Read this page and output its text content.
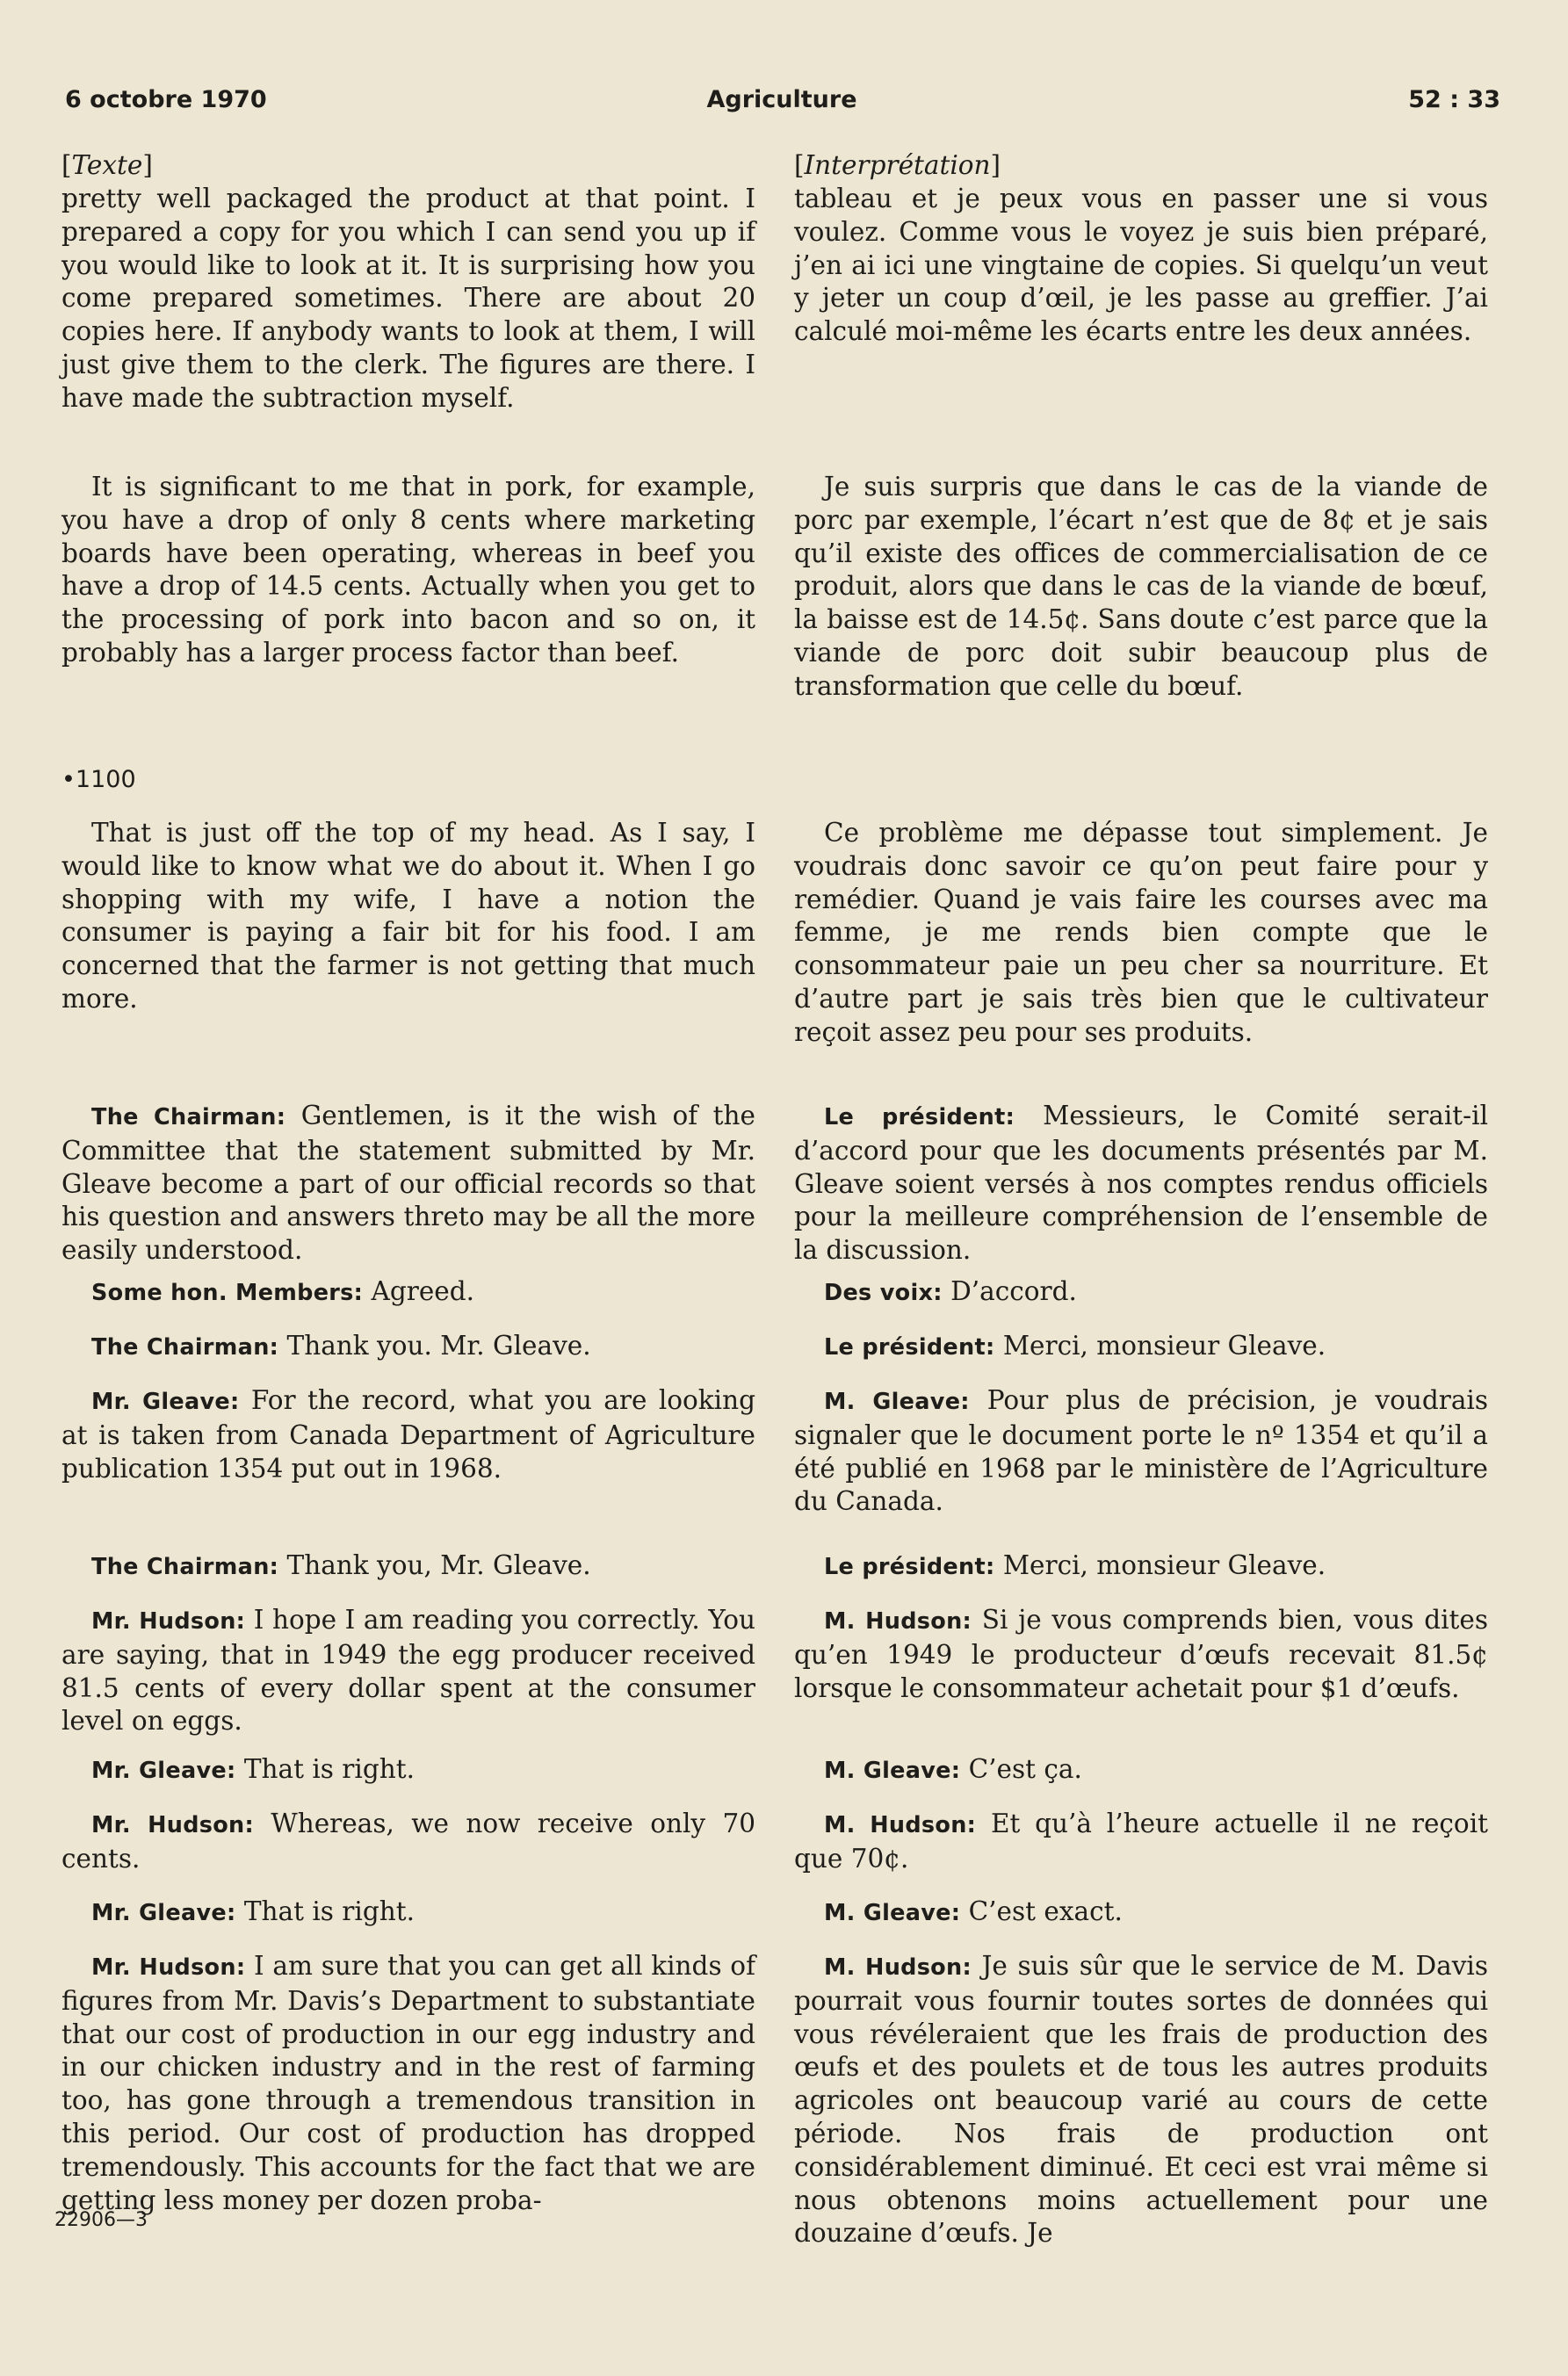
6 octobre 1970	Agriculture	52 : 33
[Texte]

pretty well packaged the product at that point. I prepared a copy for you which I can send you up if you would like to look at it. It is surprising how you come prepared sometimes. There are about 20 copies here. If anybody wants to look at them, I will just give them to the clerk. The figures are there. I have made the subtraction myself.

It is significant to me that in pork, for example, you have a drop of only 8 cents where marketing boards have been operating, whereas in beef you have a drop of 14.5 cents. Actually when you get to the processing of pork into bacon and so on, it probably has a larger process factor than beef.

•1100

That is just off the top of my head. As I say, I would like to know what we do about it. When I go shopping with my wife, I have a notion the consumer is paying a fair bit for his food. I am concerned that the farmer is not getting that much more.

The Chairman: Gentlemen, is it the wish of the Committee that the statement submitted by Mr. Gleave become a part of our official records so that his question and answers threto may be all the more easily understood.

Some hon. Members: Agreed.

The Chairman: Thank you. Mr. Gleave.

Mr. Gleave: For the record, what you are looking at is taken from Canada Department of Agriculture publication 1354 put out in 1968.

The Chairman: Thank you, Mr. Gleave.

Mr. Hudson: I hope I am reading you correctly. You are saying, that in 1949 the egg producer received 81.5 cents of every dollar spent at the consumer level on eggs.

Mr. Gleave: That is right.

Mr. Hudson: Whereas, we now receive only 70 cents.

Mr. Gleave: That is right.

Mr. Hudson: I am sure that you can get all kinds of figures from Mr. Davis’s Department to substantiate that our cost of production in our egg industry and in our chicken industry and in the rest of farming too, has gone through a tremendous transition in this period. Our cost of production has dropped tremendously. This accounts for the fact that we are getting less money per dozen proba-

[Interprétation]

tableau et je peux vous en passer une si vous voulez. Comme vous le voyez je suis bien préparé, j’en ai ici une vingtaine de copies. Si quelqu’un veut y jeter un coup d’œil, je les passe au greffier. J’ai calculé moi-même les écarts entre les deux années.

Je suis surpris que dans le cas de la viande de porc par exemple, l’écart n’est que de 8¢ et je sais qu’il existe des offices de commercialisation de ce produit, alors que dans le cas de la viande de bœuf, la baisse est de 14.5¢. Sans doute c’est parce que la viande de porc doit subir beaucoup plus de transformation que celle du bœuf.

Ce problème me dépasse tout simplement. Je voudrais donc savoir ce qu’on peut faire pour y remédier. Quand je vais faire les courses avec ma femme, je me rends bien compte que le consommateur paie un peu cher sa nourriture. Et d’autre part je sais très bien que le cultivateur reçoit assez peu pour ses produits.

Le président: Messieurs, le Comité serait-il d’accord pour que les documents présentés par M. Gleave soient versés à nos comptes rendus officiels pour la meilleure compréhension de l’ensemble de la discussion.

Des voix: D’accord.

Le président: Merci, monsieur Gleave.

M. Gleave: Pour plus de précision, je voudrais signaler que le document porte le nº 1354 et qu’il a été publié en 1968 par le ministère de l’Agriculture du Canada.

Le président: Merci, monsieur Gleave.

M. Hudson: Si je vous comprends bien, vous dites qu’en 1949 le producteur d’œufs recevait 81.5¢ lorsque le consommateur achetait pour $1 d’œufs.

M. Gleave: C’est ça.

M. Hudson: Et qu’à l’heure actuelle il ne reçoit que 70¢.

M. Gleave: C’est exact.

M. Hudson: Je suis sûr que le service de M. Davis pourrait vous fournir toutes sortes de données qui vous révéleraient que les frais de production des œufs et des poulets et de tous les autres produits agricoles ont beaucoup varié au cours de cette période. Nos frais de production ont considérablement diminué. Et ceci est vrai même si nous obtenons moins actuellement pour une douzaine d’œufs. Je

22906—3
